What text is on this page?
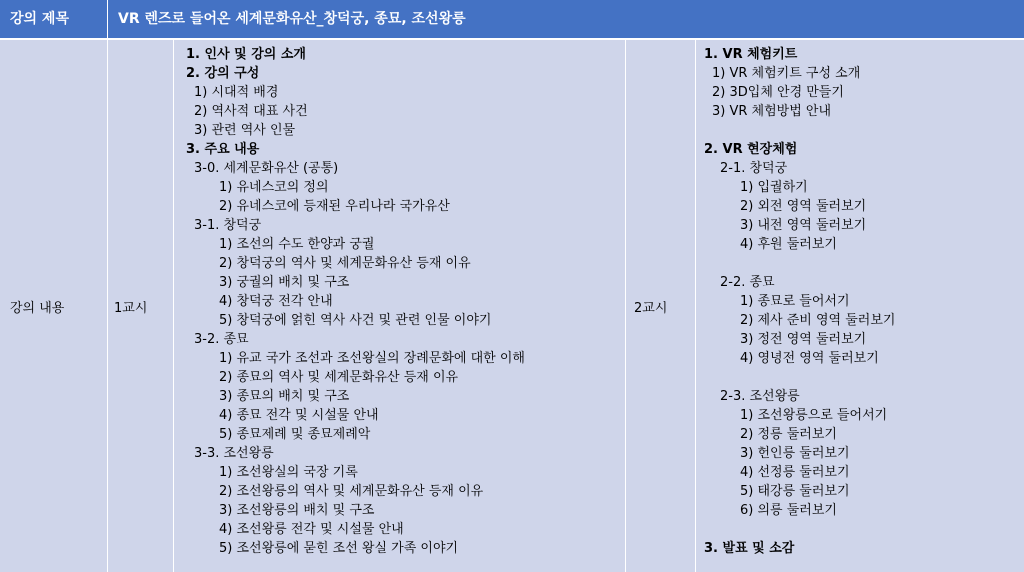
강의 제목	VR 렌즈로 들어온 세계문화유산_창덕궁, 종묘, 조선왕릉
강의 내용	1교시
1. 인사 및 강의 소개
2. 강의 구성
1) 시대적 배경
2) 역사적 대표 사건
3) 관련 역사 인물
3. 주요 내용
3-0. 세계문화유산 (공통)
1) 유네스코의 정의
2) 유네스코에 등재된 우리나라 국가유산
3-1. 창덕궁
1) 조선의 수도 한양과 궁궐
2) 창덕궁의 역사 및 세계문화유산 등재 이유
3) 궁궐의 배치 및 구조
4) 창덕궁 전각 안내
5) 창덕궁에 얽힌 역사 사건 및 관련 인물 이야기
3-2. 종묘
1) 유교 국가 조선과 조선왕실의 장례문화에 대한 이해
2) 종묘의 역사 및 세계문화유산 등재 이유
3) 종묘의 배치 및 구조
4) 종묘 전각 및 시설물 안내
5) 종묘제례 및 종묘제례악
3-3. 조선왕릉
1) 조선왕실의 국장 기록
2) 조선왕릉의 역사 및 세계문화유산 등재 이유
3) 조선왕릉의 배치 및 구조
4) 조선왕릉 전각 및 시설물 안내
5) 조선왕릉에 묻힌 조선 왕실 가족 이야기
2교시
1. VR 체험키트
1) VR 체험키트 구성 소개
2) 3D입체 안경 만들기
3) VR 체험방법 안내
2. VR 현장체험
2-1. 창덕궁
1) 입궐하기
2) 외전 영역 둘러보기
3) 내전 영역 둘러보기
4) 후원 둘러보기
2-2. 종묘
1) 종묘로 들어서기
2) 제사 준비 영역 둘러보기
3) 정전 영역 둘러보기
4) 영녕전 영역 둘러보기
2-3. 조선왕릉
1) 조선왕릉으로 들어서기
2) 정릉 둘러보기
3) 헌인릉 둘러보기
4) 선정릉 둘러보기
5) 태강릉 둘러보기
6) 의릉 둘러보기
3. 발표 및 소감
